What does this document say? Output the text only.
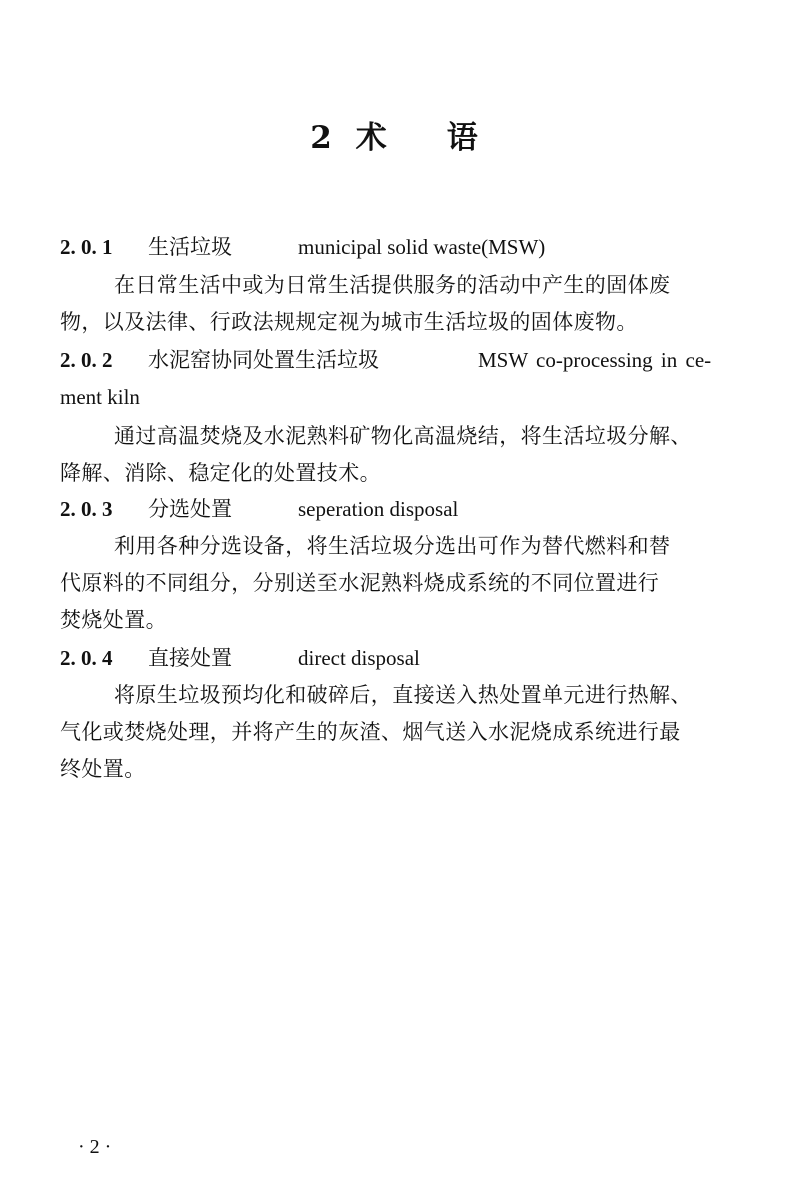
2 术 语
2. 0. 1 生活垃圾	municipal solid waste(MSW)
在日常生活中或为日常生活提供服务的活动中产生的固体废
物，以及法律、行政法规规定视为城市生活垃圾的固体废物。
2. 0. 2 水泥窑协同处置生活垃圾	MSW co-processing in ce-
ment kiln
通过高温焚烧及水泥熟料矿物化高温烧结，将生活垃圾分解、
降解、消除、稳定化的处置技术。
2. 0. 3 分选处置	seperation disposal
利用各种分选设备，将生活垃圾分选出可作为替代燃料和替
代原料的不同组分，分别送至水泥熟料烧成系统的不同位置进行
焚烧处置。
2. 0. 4 直接处置	direct disposal
将原生垃圾预均化和破碎后，直接送入热处置单元进行热解、
气化或焚烧处理，并将产生的灰渣、烟气送入水泥烧成系统进行最
终处置。
· 2 ·
